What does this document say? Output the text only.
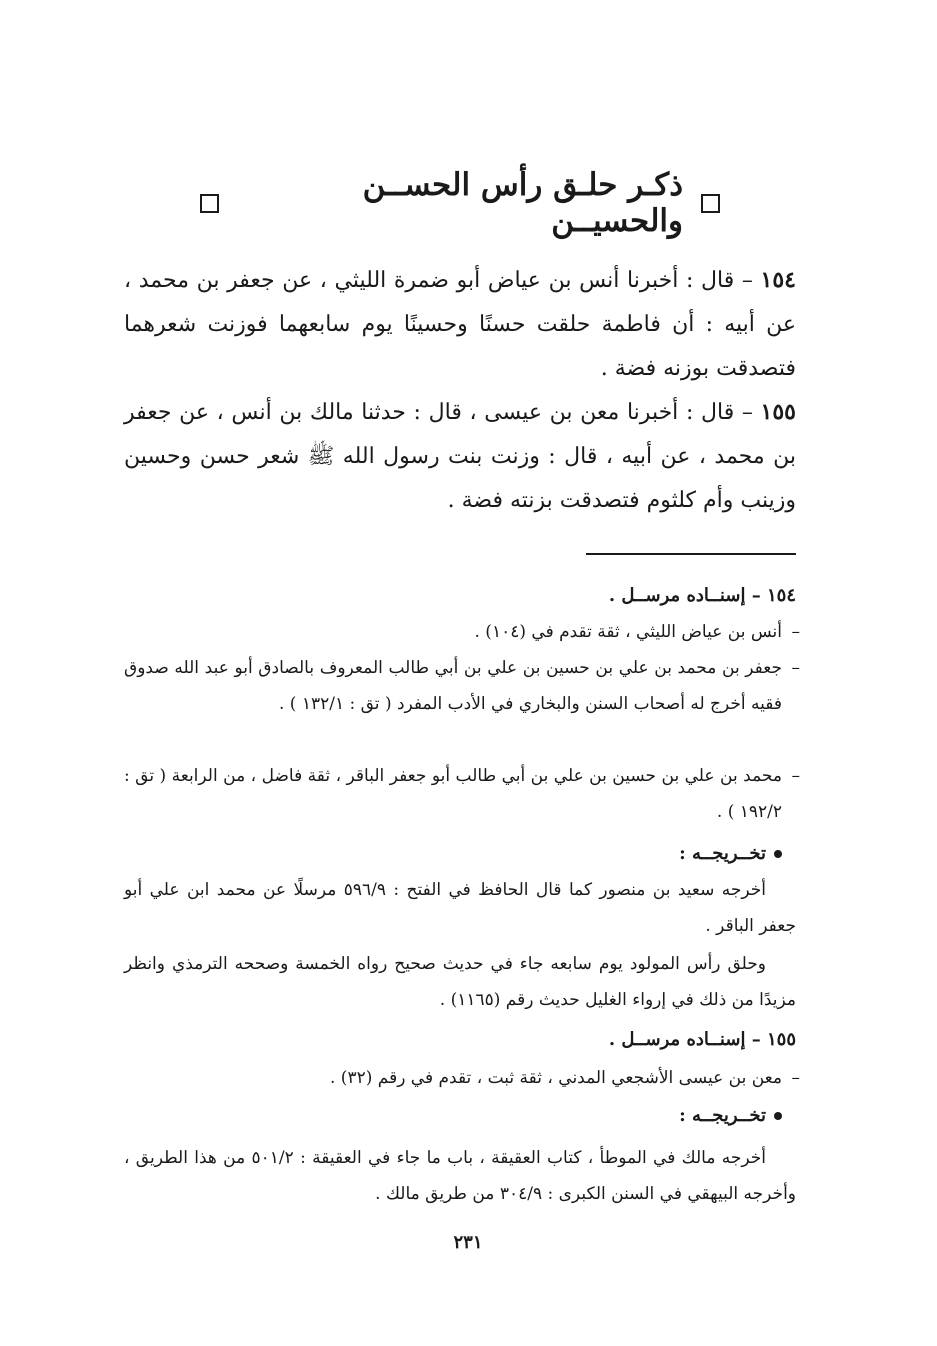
ذكـر حلـق رأس الحســن والحسيــن
١٥٤ – قال : أخبرنا أنس بن عياض أبو ضمرة الليثي ، عن جعفر بن محمد ، عن أبيه : أن فاطمة حلقت حسنًا وحسينًا يوم سابعهما فوزنت شعرهما فتصدقت بوزنه فضة .
١٥٥ – قال : أخبرنا معن بن عيسى ، قال : حدثنا مالك بن أنس ، عن جعفر بن محمد ، عن أبيه ، قال : وزنت بنت رسول الله ﷺ شعر حسن وحسين وزينب وأم كلثوم فتصدقت بزنته فضة .
١٥٤ – إسنــاده مرســل .
–
أنس بن عياض الليثي ، ثقة تقدم في (١٠٤) .
–
جعفر بن محمد بن علي بن حسين بن علي بن أبي طالب المعروف بالصادق أبو عبد الله صدوق فقيه أخرج له أصحاب السنن والبخاري في الأدب المفرد ( تق : ١٣٢/١ ) .
–
محمد بن علي بن حسين بن علي بن أبي طالب أبو جعفر الباقر ، ثقة فاضل ، من الرابعة ( تق : ١٩٢/٢ ) .
تخــريجــه :
أخرجه سعيد بن منصور كما قال الحافظ في الفتح : ٥٩٦/٩ مرسلًا عن محمد ابن علي أبو جعفر الباقر .
وحلق رأس المولود يوم سابعه جاء في حديث صحيح رواه الخمسة وصححه الترمذي وانظر مزيدًا من ذلك في إرواء الغليل حديث رقم (١١٦٥) .
١٥٥ – إسنــاده مرســل .
–
معن بن عيسى الأشجعي المدني ، ثقة ثبت ، تقدم في رقم (٣٢) .
تخــريجــه :
أخرجه مالك في الموطأ ، كتاب العقيقة ، باب ما جاء في العقيقة : ٥٠١/٢ من هذا الطريق ، وأخرجه البيهقي في السنن الكبرى : ٣٠٤/٩ من طريق مالك .
٢٣١
